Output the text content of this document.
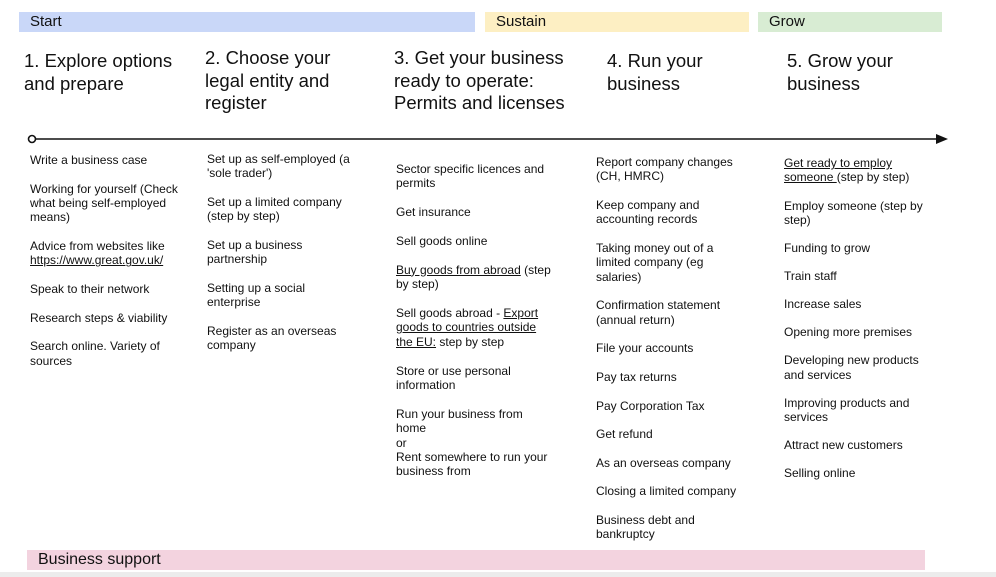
Start	Sustain	Grow
1. Explore options and prepare
2. Choose your legal entity and register
3. Get your business ready to operate: Permits and licenses
4. Run your business
5. Grow your business
Write a business case
Working for yourself (Check what being self-employed means)
Advice from websites like https://www.great.gov.uk/
Speak to their network
Research steps & viability
Search online. Variety of sources
Set up as self-employed (a 'sole trader')
Set up a limited company (step by step)
Set up a business partnership
Setting up a social enterprise
Register as an overseas company
Sector specific licences and permits
Get insurance
Sell goods online
Buy goods from abroad (step by step)
Sell goods abroad - Export goods to countries outside the EU: step by step
Store or use personal information
Run your business from home
or
Rent somewhere to run your business from
Report company changes (CH, HMRC)
Keep company and accounting records
Taking money out of a limited company (eg salaries)
Confirmation statement (annual return)
File your accounts
Pay tax returns
Pay Corporation Tax
Get refund
As an overseas company
Closing a limited company
Business debt and bankruptcy
Get ready to employ someone (step by step)
Employ someone (step by step)
Funding to grow
Train staff
Increase sales
Opening more premises
Developing new products and services
Improving products and services
Attract new customers
Selling online
Business support
